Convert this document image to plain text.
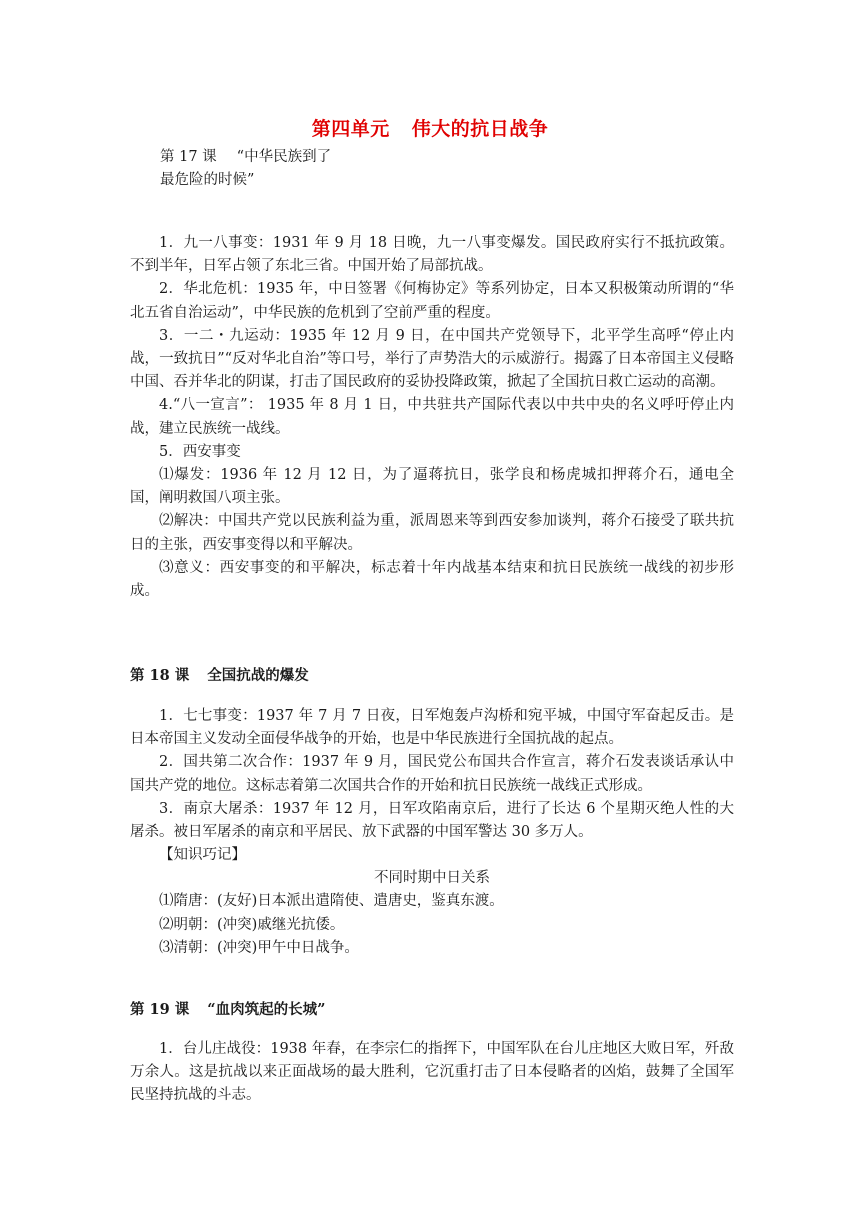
第四单元 伟大的抗日战争
第 17 课 “中华民族到了
最危险的时候”

1．九一八事变：1931 年 9 月 18 日晚，九一八事变爆发。国民政府实行不抵抗政策。不到半年，日军占领了东北三省。中国开始了局部抗战。

2．华北危机：1935 年，中日签署《何梅协定》等系列协定，日本又积极策动所谓的“华北五省自治运动”，中华民族的危机到了空前严重的程度。

3．一二・九运动：1935 年 12 月 9 日，在中国共产党领导下，北平学生高呼“停止内战，一致抗日”“反对华北自治”等口号，举行了声势浩大的示威游行。揭露了日本帝国主义侵略中国、吞并华北的阴谋，打击了国民政府的妥协投降政策，掀起了全国抗日救亡运动的高潮。

4.“八一宣言”： 1935 年 8 月 1 日，中共驻共产国际代表以中共中央的名义呼吁停止内战，建立民族统一战线。

5．西安事变

⑴爆发：1936 年 12 月 12 日，为了逼蒋抗日，张学良和杨虎城扣押蒋介石，通电全国，阐明救国八项主张。

⑵解决：中国共产党以民族利益为重，派周恩来等到西安参加谈判，蒋介石接受了联共抗日的主张，西安事变得以和平解决。

⑶意义：西安事变的和平解决，标志着十年内战基本结束和抗日民族统一战线的初步形成。

第 18 课 全国抗战的爆发

1．七七事变：1937 年 7 月 7 日夜，日军炮轰卢沟桥和宛平城，中国守军奋起反击。是日本帝国主义发动全面侵华战争的开始，也是中华民族进行全国抗战的起点。

2．国共第二次合作：1937 年 9 月，国民党公布国共合作宣言，蒋介石发表谈话承认中国共产党的地位。这标志着第二次国共合作的开始和抗日民族统一战线正式形成。

3．南京大屠杀：1937 年 12 月，日军攻陷南京后，进行了长达 6 个星期灭绝人性的大屠杀。被日军屠杀的南京和平居民、放下武器的中国军警达 30 多万人。

【知识巧记】

不同时期中日关系

⑴隋唐：(友好)日本派出遣隋使、遣唐史，鉴真东渡。

⑵明朝：(冲突)戚继光抗倭。

⑶清朝：(冲突)甲午中日战争。

第 19 课 “血肉筑起的长城”

1．台儿庄战役：1938 年春，在李宗仁的指挥下，中国军队在台儿庄地区大败日军，歼敌万余人。这是抗战以来正面战场的最大胜利，它沉重打击了日本侵略者的凶焰，鼓舞了全国军民坚持抗战的斗志。
